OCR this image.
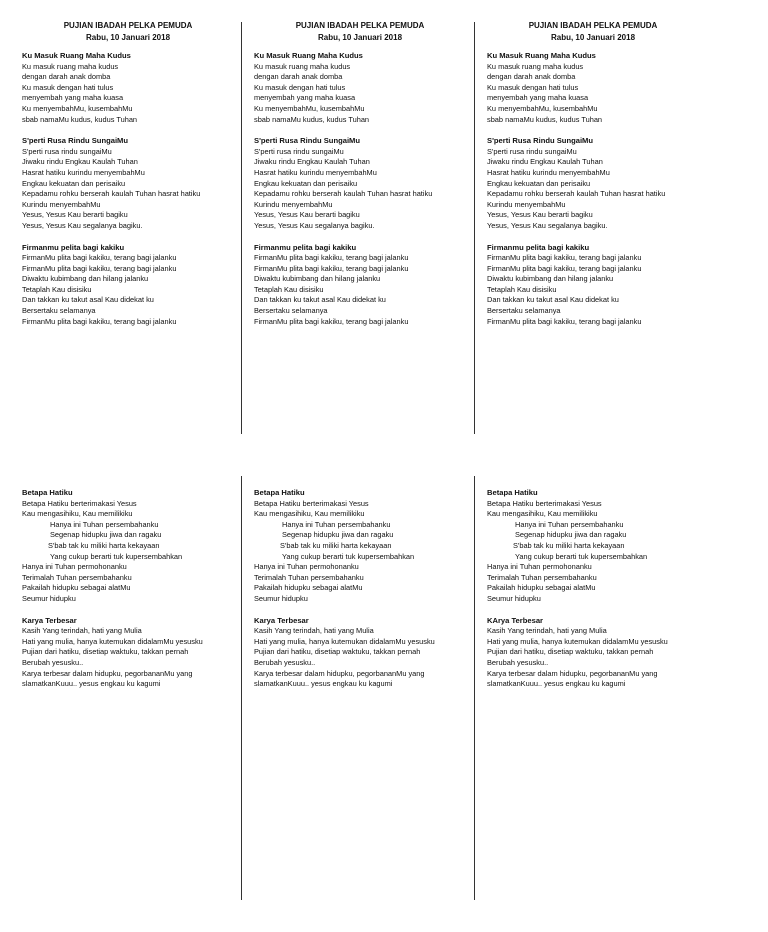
PUJIAN IBADAH PELKA PEMUDA
Rabu, 10 Januari 2018
Ku Masuk Ruang Maha Kudus
Ku masuk ruang maha kudus
dengan darah anak domba
Ku masuk dengan hati tulus
menyembah yang maha kuasa
Ku menyembahMu, kusembahMu
sbab namaMu kudus, kudus Tuhan
S'perti Rusa Rindu SungaiMu
S'perti rusa rindu sungaiMu
Jiwaku rindu Engkau Kaulah Tuhan
Hasrat hatiku kurindu menyembahMu
Engkau kekuatan dan perisaiku
Kepadamu rohku berserah kaulah Tuhan hasrat hatiku
Kurindu menyembahMu
Yesus, Yesus Kau berarti bagiku
Yesus, Yesus Kau segalanya bagiku.
Firmanmu pelita bagi kakiku
FirmanMu plita bagi kakiku, terang bagi jalanku
FirmanMu plita bagi kakiku, terang bagi jalanku
Diwaktu kubimbang dan hilang jalanku
Tetaplah Kau disisiku
Dan takkan ku takut asal Kau didekat ku
Bersertaku selamanya
FirmanMu plita bagi kakiku, terang bagi jalanku
PUJIAN IBADAH PELKA PEMUDA
Rabu, 10 Januari 2018
Ku Masuk Ruang Maha Kudus
Ku masuk ruang maha kudus
dengan darah anak domba
Ku masuk dengan hati tulus
menyembah yang maha kuasa
Ku menyembahMu, kusembahMu
sbab namaMu kudus, kudus Tuhan
S'perti Rusa Rindu SungaiMu
S'perti rusa rindu sungaiMu
Jiwaku rindu Engkau Kaulah Tuhan
Hasrat hatiku kurindu menyembahMu
Engkau kekuatan dan perisaiku
Kepadamu rohku berserah kaulah Tuhan hasrat hatiku
Kurindu menyembahMu
Yesus, Yesus Kau berarti bagiku
Yesus, Yesus Kau segalanya bagiku.
Firmanmu pelita bagi kakiku
FirmanMu plita bagi kakiku, terang bagi jalanku
FirmanMu plita bagi kakiku, terang bagi jalanku
Diwaktu kubimbang dan hilang jalanku
Tetaplah Kau disisiku
Dan takkan ku takut asal Kau didekat ku
Bersertaku selamanya
FirmanMu plita bagi kakiku, terang bagi jalanku
PUJIAN IBADAH PELKA PEMUDA
Rabu, 10 Januari 2018
Ku Masuk Ruang Maha Kudus
Ku masuk ruang maha kudus
dengan darah anak domba
Ku masuk dengan hati tulus
menyembah yang maha kuasa
Ku menyembahMu, kusembahMu
sbab namaMu kudus, kudus Tuhan
S'perti Rusa Rindu SungaiMu
S'perti rusa rindu sungaiMu
Jiwaku rindu Engkau Kaulah Tuhan
Hasrat hatiku kurindu menyembahMu
Engkau kekuatan dan perisaiku
Kepadamu rohku berserah kaulah Tuhan hasrat hatiku
Kurindu menyembahMu
Yesus, Yesus Kau berarti bagiku
Yesus, Yesus Kau segalanya bagiku.
Firmanmu pelita bagi kakiku
FirmanMu plita bagi kakiku, terang bagi jalanku
FirmanMu plita bagi kakiku, terang bagi jalanku
Diwaktu kubimbang dan hilang jalanku
Tetaplah Kau disisiku
Dan takkan ku takut asal Kau didekat ku
Bersertaku selamanya
FirmanMu plita bagi kakiku, terang bagi jalanku
Betapa Hatiku
Betapa Hatiku berterimakasi Yesus
Kau mengasihiku, Kau memilikiku
Hanya ini Tuhan persembahanku
Segenap hidupku jiwa dan ragaku
S'bab tak ku miliki harta kekayaan
Yang cukup berarti tuk kupersembahkan
Hanya ini Tuhan permohonanku
Terimalah Tuhan persembahanku
Pakailah hidupku sebagai alatMu
Seumur hidupku
Karya Terbesar
Kasih Yang terindah, hati yang Mulia
Hati yang mulia, hanya kutemukan didalamMu yesusku
Pujian dari hatiku, disetiap waktuku, takkan pernah
Berubah yesusku..
Karya terbesar dalam hidupku, pegorbananMu yang
slamatkanKuuu.. yesus engkau ku kagumi
Betapa Hatiku
Betapa Hatiku berterimakasi Yesus
Kau mengasihiku, Kau memilikiku
Hanya ini Tuhan persembahanku
Segenap hidupku jiwa dan ragaku
S'bab tak ku miliki harta kekayaan
Yang cukup berarti tuk kupersembahkan
Hanya ini Tuhan permohonanku
Terimalah Tuhan persembahanku
Pakailah hidupku sebagai alatMu
Seumur hidupku
Karya Terbesar
Kasih Yang terindah, hati yang Mulia
Hati yang mulia, hanya kutemukan didalamMu yesusku
Pujian dari hatiku, disetiap waktuku, takkan pernah
Berubah yesusku..
Karya terbesar dalam hidupku, pegorbananMu yang
slamatkanKuuu.. yesus engkau ku kagumi
Betapa Hatiku
Betapa Hatiku berterimakasi Yesus
Kau mengasihiku, Kau memilikiku
Hanya ini Tuhan persembahanku
Segenap hidupku jiwa dan ragaku
S'bab tak ku miliki harta kekayaan
Yang cukup berarti tuk kupersembahkan
Hanya ini Tuhan permohonanku
Terimalah Tuhan persembahanku
Pakailah hidupku sebagai alatMu
Seumur hidupku
KArya Terbesar
Kasih Yang terindah, hati yang Mulia
Hati yang mulia, hanya kutemukan didalamMu yesusku
Pujian dari hatiku, disetiap waktuku, takkan pernah
Berubah yesusku..
Karya terbesar dalam hidupku, pegorbananMu yang
slamatkanKuuu.. yesus engkau ku kagumi
